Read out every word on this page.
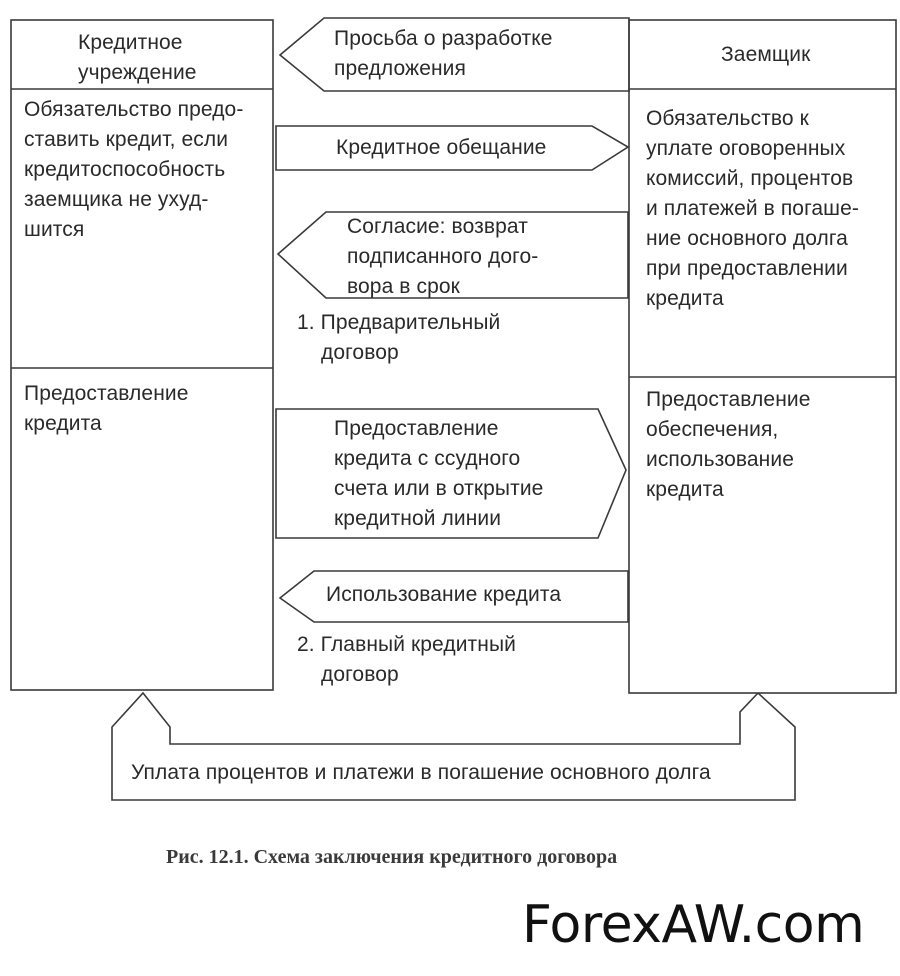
Кредитное
учреждение
Заемщик
Обязательство предо-
ставить кредит, если
кредитоспособность
заемщика не ухуд-
шится
Обязательство к
уплате оговоренных
комиссий, процентов
и платежей в погаше-
ние основного долга
при предоставлении
кредита
Предоставление
кредита
Предоставление
обеспечения,
использование
кредита
Просьба о разработке
предложения
Кредитное обещание
Согласие: возврат
подписанного дого-
вора в срок
1. Предварительный
договор
Предоставление
кредита с ссудного
счета или в открытие
кредитной линии
Использование кредита
2. Главный кредитный
договор
Уплата процентов и платежи в погашение основного долга
Рис. 12.1. Схема заключения кредитного договора
ForexAW.com
